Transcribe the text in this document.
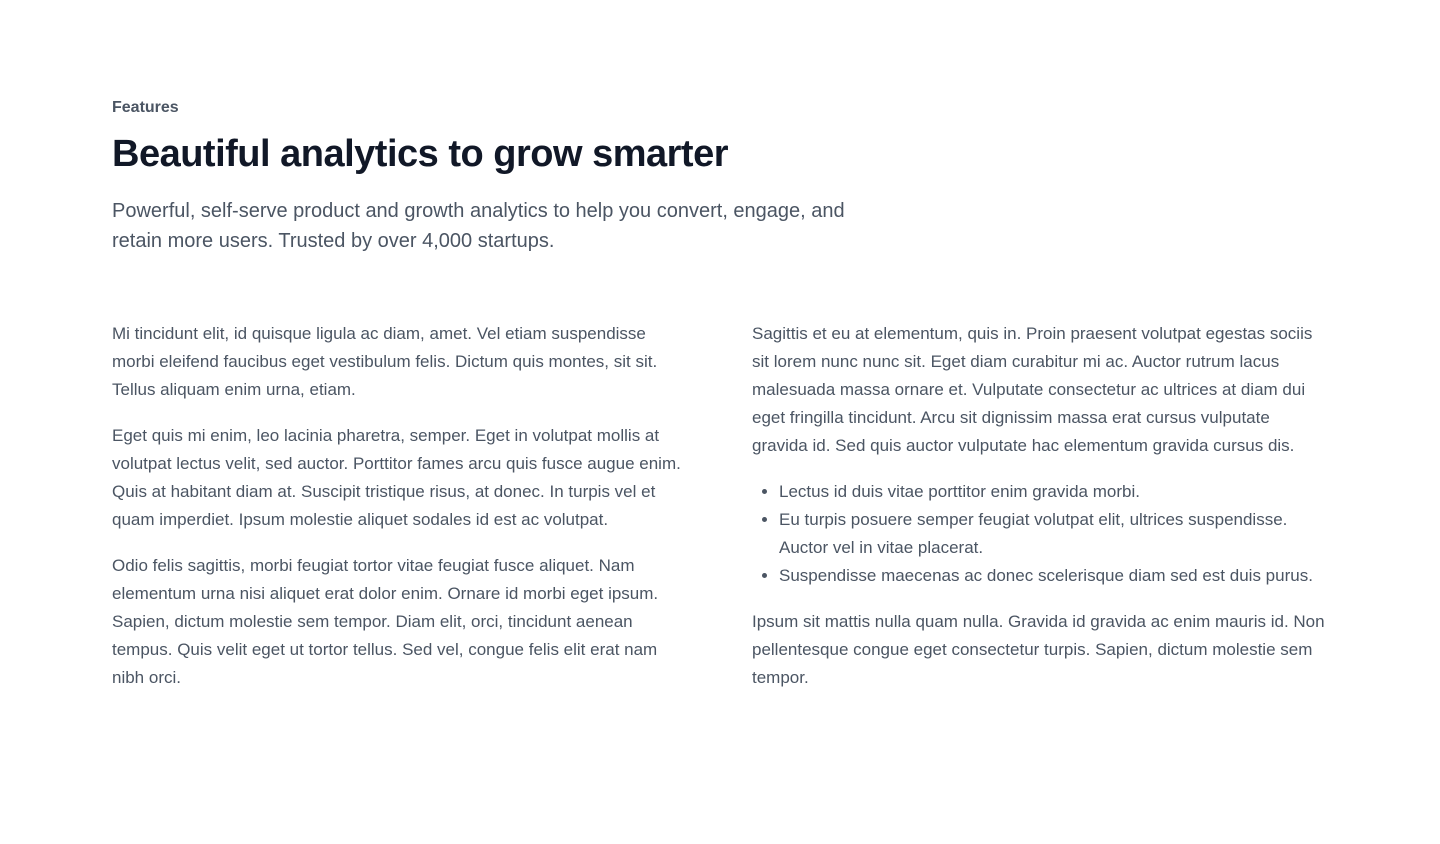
Features
Beautiful analytics to grow smarter

Powerful, self-serve product and growth analytics to help you convert, engage, and retain more users. Trusted by over 4,000 startups.

Mi tincidunt elit, id quisque ligula ac diam, amet. Vel etiam suspendisse morbi eleifend faucibus eget vestibulum felis. Dictum quis montes, sit sit. Tellus aliquam enim urna, etiam.

Eget quis mi enim, leo lacinia pharetra, semper. Eget in volutpat mollis at volutpat lectus velit, sed auctor. Porttitor fames arcu quis fusce augue enim. Quis at habitant diam at. Suscipit tristique risus, at donec. In turpis vel et quam imperdiet. Ipsum molestie aliquet sodales id est ac volutpat.

Odio felis sagittis, morbi feugiat tortor vitae feugiat fusce aliquet. Nam elementum urna nisi aliquet erat dolor enim. Ornare id morbi eget ipsum. Sapien, dictum molestie sem tempor. Diam elit, orci, tincidunt aenean tempus. Quis velit eget ut tortor tellus. Sed vel, congue felis elit erat nam nibh orci.

Sagittis et eu at elementum, quis in. Proin praesent volutpat egestas sociis sit lorem nunc nunc sit. Eget diam curabitur mi ac. Auctor rutrum lacus malesuada massa ornare et. Vulputate consectetur ac ultrices at diam dui eget fringilla tincidunt. Arcu sit dignissim massa erat cursus vulputate gravida id. Sed quis auctor vulputate hac elementum gravida cursus dis.

• Lectus id duis vitae porttitor enim gravida morbi.
• Eu turpis posuere semper feugiat volutpat elit, ultrices suspendisse. Auctor vel in vitae placerat.
• Suspendisse maecenas ac donec scelerisque diam sed est duis purus.

Ipsum sit mattis nulla quam nulla. Gravida id gravida ac enim mauris id. Non pellentesque congue eget consectetur turpis. Sapien, dictum molestie sem tempor.
